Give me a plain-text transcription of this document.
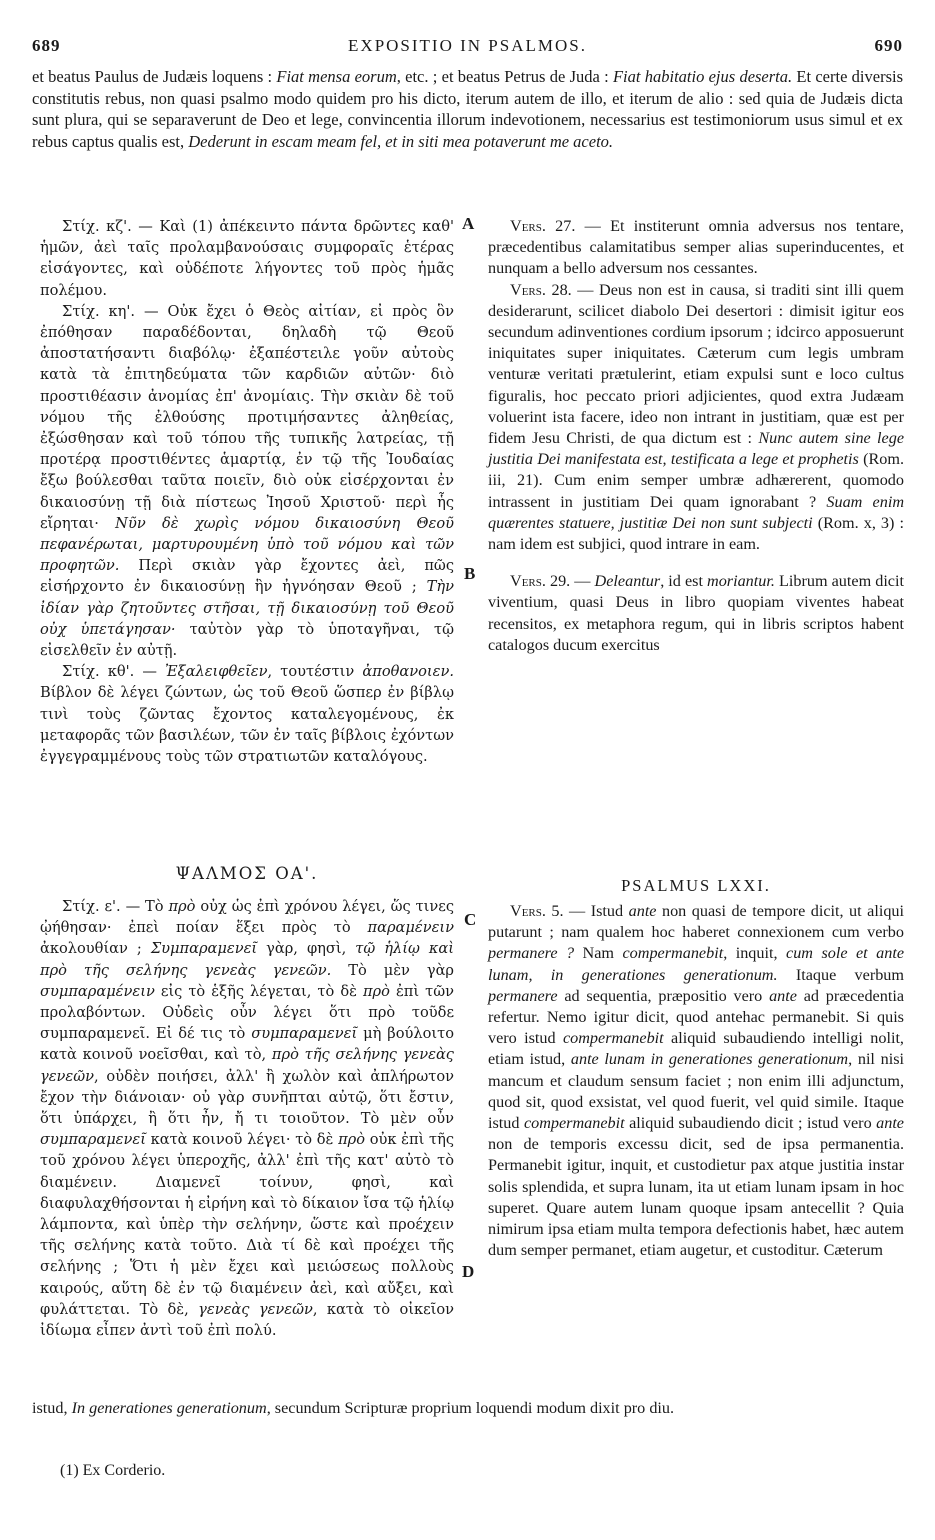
689	EXPOSITIO IN PSALMOS.	690
et beatus Paulus de Judæis loquens : Fiat mensa eorum, etc. ; et beatus Petrus de Juda : Fiat habitatio ejus deserta. Et certe diversis constitutis rebus, non quasi psalmo modo quidem pro his dicto, iterum autem de illo, et iterum de alio : sed quia de Judæis dicta sunt plura, qui se separaverunt de Deo et lege, convincentia illorum indevotionem, necessarius est testimoniorum usus simul et ex rebus captus qualis est, Dederunt in escam meam fel, et in siti mea potaverunt me aceto.

Στίχ. κζ'. — Καὶ (1) ἀπέκειντο πάντα δρῶντες καθ' ἡμῶν, ἀεὶ ταῖς προλαμβανούσαις συμφοραῖς ἑτέρας εἰσάγοντες, καὶ οὐδέποτε λήγοντες τοῦ πρὸς ἡμᾶς πολέμου.

Στίχ. κη'. — Οὐκ ἔχει ὁ Θεὸς αἰτίαν, εἰ πρὸς ὃν ἐπόθησαν παραδέδονται, δηλαδὴ τῷ Θεοῦ ἀποστατήσαντι διαβόλῳ· ἐξαπέστειλε γοῦν αὐτοὺς κατὰ τὰ ἐπιτηδεύματα τῶν καρδιῶν αὐτῶν· διὸ προστιθέασιν ἀνομίας ἐπ' ἀνομίαις. Τὴν σκιὰν δὲ τοῦ νόμου τῆς ἐλθούσης προτιμήσαντες ἀληθείας, ἐξώσθησαν καὶ τοῦ τόπου τῆς τυπικῆς λατρείας, τῇ προτέρᾳ προστιθέντες ἁμαρτίᾳ, ἐν τῷ τῆς Ἰουδαίας ἔξω βούλεσθαι ταῦτα ποιεῖν, διὸ οὐκ εἰσέρχονται ἐν δικαιοσύνῃ τῇ διὰ πίστεως Ἰησοῦ Χριστοῦ· περὶ ἧς εἴρηται· Νῦν δὲ χωρὶς νόμου δικαιοσύνη Θεοῦ πεφανέρωται, μαρτυρουμένη ὑπὸ τοῦ νόμου καὶ τῶν προφητῶν. Περὶ σκιὰν γὰρ ἔχοντες ἀεὶ, πῶς εἰσήρχοντο ἐν δικαιοσύνῃ ἣν ἠγνόησαν Θεοῦ ; Τὴν ἰδίαν γὰρ ζητοῦντες στῆσαι, τῇ δικαιοσύνῃ τοῦ Θεοῦ οὐχ ὑπετάγησαν· ταὐτὸν γὰρ τὸ ὑποταγῆναι, τῷ εἰσελθεῖν ἐν αὐτῇ.

Στίχ. κθ'. — Ἐξαλειφθεῖεν, τουτέστιν ἀποθανοιεν. Βίβλον δὲ λέγει ζώντων, ὡς τοῦ Θεοῦ ὥσπερ ἐν βίβλῳ τινὶ τοὺς ζῶντας ἔχοντος καταλεγομένους, ἐκ μεταφορᾶς τῶν βασιλέων, τῶν ἐν ταῖς βίβλοις ἐχόντων ἐγγεγραμμένους τοὺς τῶν στρατιωτῶν καταλόγους.

ΨΑΛΜΟΣ ΟΑ'.

Στίχ. ε'. — Τὸ πρὸ οὐχ ὡς ἐπὶ χρόνου λέγει, ὥς τινες ᾠήθησαν· ἐπεὶ ποίαν ἕξει πρὸς τὸ παραμένειν ἀκολουθίαν ; Συμπαραμενεῖ γὰρ, φησὶ, τῷ ἡλίῳ καὶ πρὸ τῆς σελήνης γενεὰς γενεῶν. Τὸ μὲν γὰρ συμπαραμένειν εἰς τὸ ἑξῆς λέγεται, τὸ δὲ πρὸ ἐπὶ τῶν προλαβόντων. Οὐδεὶς οὖν λέγει ὅτι πρὸ τοῦδε συμπαραμενεῖ. Εἰ δέ τις τὸ συμπαραμενεῖ μὴ βούλοιτο κατὰ κοινοῦ νοεῖσθαι, καὶ τὸ, πρὸ τῆς σελήνης γενεὰς γενεῶν, οὐδὲν ποιήσει, ἀλλ' ἢ χωλὸν καὶ ἀπλήρωτον ἔχον τὴν διάνοιαν· οὐ γὰρ συνῆπται αὐτῷ, ὅτι ἔστιν, ὅτι ὑπάρχει, ἢ ὅτι ἦν, ἤ τι τοιοῦτον. Τὸ μὲν οὖν συμπαραμενεῖ κατὰ κοινοῦ λέγει· τὸ δὲ πρὸ οὐκ ἐπὶ τῆς τοῦ χρόνου λέγει ὑπεροχῆς, ἀλλ' ἐπὶ τῆς κατ' αὐτὸ τὸ διαμένειν. Διαμενεῖ τοίνυν, φησὶ, καὶ διαφυλαχθήσονται ἡ εἰρήνη καὶ τὸ δίκαιον ἴσα τῷ ἡλίῳ λάμποντα, καὶ ὑπὲρ τὴν σελήνην, ὥστε καὶ προέχειν τῆς σελήνης κατὰ τοῦτο. Διὰ τί δὲ καὶ προέχει τῆς σελήνης ; Ὅτι ἡ μὲν ἔχει καὶ μειώσεως πολλοὺς καιρούς, αὕτη δὲ ἐν τῷ διαμένειν ἀεὶ, καὶ αὔξει, καὶ φυλάττεται. Τὸ δὲ, γενεὰς γενεῶν, κατὰ τὸ οἰκεῖον ἰδίωμα εἶπεν ἀντὶ τοῦ ἐπὶ πολύ.

Vers. 27. — Et institerunt omnia adversus nos tentare, præcedentibus calamitatibus semper alias superinducentes, et nunquam a bello adversum nos cessantes.

Vers. 28. — Deus non est in causa, si traditi sint illi quem desiderarunt, scilicet diabolo Dei desertori : dimisit igitur eos secundum adinventiones cordium ipsorum ; idcirco apposuerunt iniquitates super iniquitates. Cæterum cum legis umbram venturæ veritati prætulerint, etiam expulsi sunt e loco cultus figuralis, hoc peccato priori adjicientes, quod extra Judæam voluerint ista facere, ideo non intrant in justitiam, quæ est per fidem Jesu Christi, de qua dictum est : Nunc autem sine lege justitia Dei manifestata est, testificata a lege et prophetis (Rom. iii, 21). Cum enim semper umbræ adhærerent, quomodo intrassent in justitiam Dei quam ignorabant ? Suam enim quærentes statuere, justitiæ Dei non sunt subjecti (Rom. x, 3) : nam idem est subjici, quod intrare in eam.

Vers. 29. — Deleantur, id est moriantur. Librum autem dicit viventium, quasi Deus in libro quopiam viventes habeat recensitos, ex metaphora regum, qui in libris scriptos habent catalogos ducum exercitus

PSALMUS LXXI.

Vers. 5. — Istud ante non quasi de tempore dicit, ut aliqui putarunt ; nam qualem hoc haberet connexionem cum verbo permanere ? Nam compermanebit, inquit, cum sole et ante lunam, in generationes generationum. Itaque verbum permanere ad sequentia, præpositio vero ante ad præcedentia refertur. Nemo igitur dicit, quod antehac permanebit. Si quis vero istud compermanebit aliquid subaudiendo intelligi nolit, etiam istud, ante lunam in generationes generationum, nil nisi mancum et claudum sensum faciet ; non enim illi adjunctum, quod sit, quod exsistat, vel quod fuerit, vel quid simile. Itaque istud compermanebit aliquid subaudiendo dicit ; istud vero ante non de temporis excessu dicit, sed de ipsa permanentia. Permanebit igitur, inquit, et custodietur pax atque justitia instar solis splendida, et supra lunam, ita ut etiam lunam ipsam in hoc superet. Quare autem lunam quoque ipsam antecellit ? Quia nimirum ipsa etiam multa tempora defectionis habet, hæc autem dum semper permanet, etiam augetur, et custoditur. Cæterum

A
B
C
D
istud, In generationes generationum, secundum Scripturæ proprium loquendi modum dixit pro diu.
(1) Ex Corderio.
